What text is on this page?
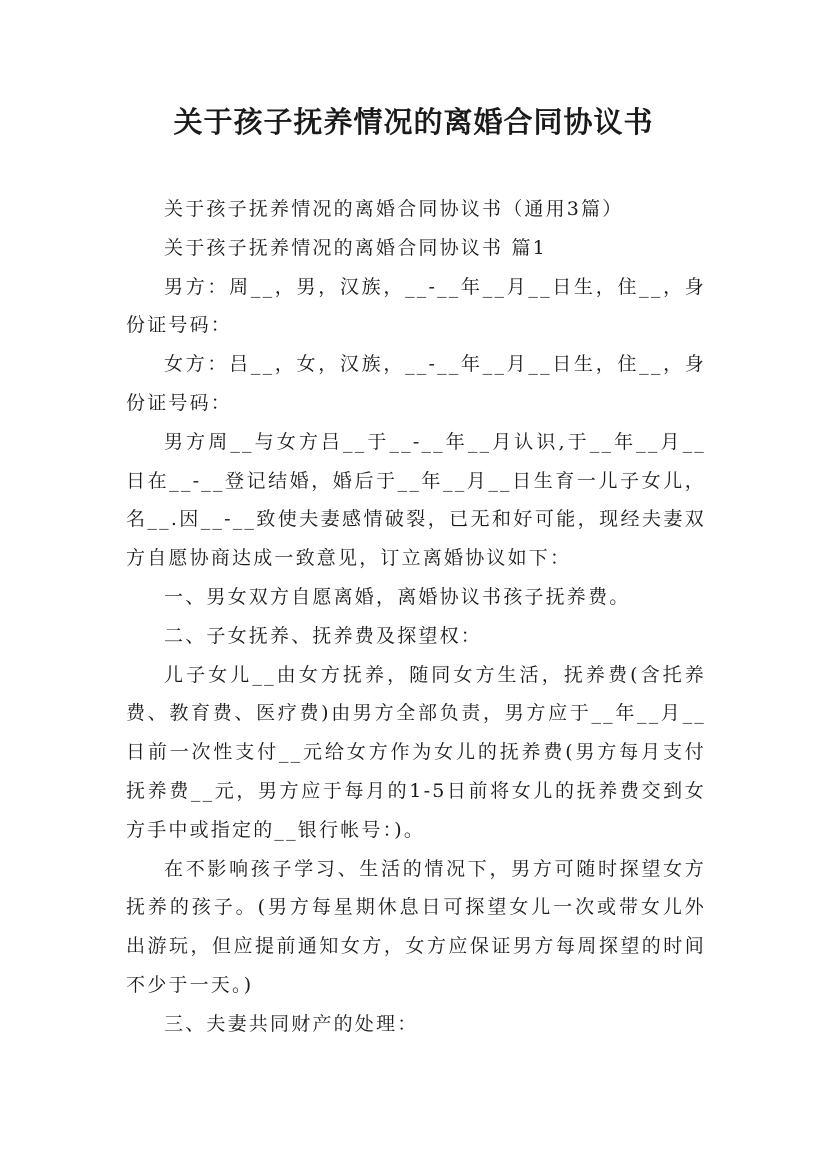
关于孩子抚养情况的离婚合同协议书

关于孩子抚养情况的离婚合同协议书（通用3篇）

关于孩子抚养情况的离婚合同协议书 篇1

男方：周__，男，汉族，__-__年__月__日生，住__，身份证号码：

女方：吕__，女，汉族，__-__年__月__日生，住__，身份证号码：

男方周__与女方吕__于__-__年__月认识,于__年__月__日在__-__登记结婚，婚后于__年__月__日生育一儿子女儿，名__.因__-__致使夫妻感情破裂，已无和好可能，现经夫妻双方自愿协商达成一致意见，订立离婚协议如下：

一、男女双方自愿离婚，离婚协议书孩子抚养费。

二、子女抚养、抚养费及探望权：

儿子女儿__由女方抚养，随同女方生活，抚养费(含托养费、教育费、医疗费)由男方全部负责，男方应于__年__月__日前一次性支付__元给女方作为女儿的抚养费(男方每月支付抚养费__元，男方应于每月的1-5日前将女儿的抚养费交到女方手中或指定的__银行帐号：)。

在不影响孩子学习、生活的情况下，男方可随时探望女方抚养的孩子。(男方每星期休息日可探望女儿一次或带女儿外出游玩，但应提前通知女方，女方应保证男方每周探望的时间不少于一天。)

三、夫妻共同财产的处理：
